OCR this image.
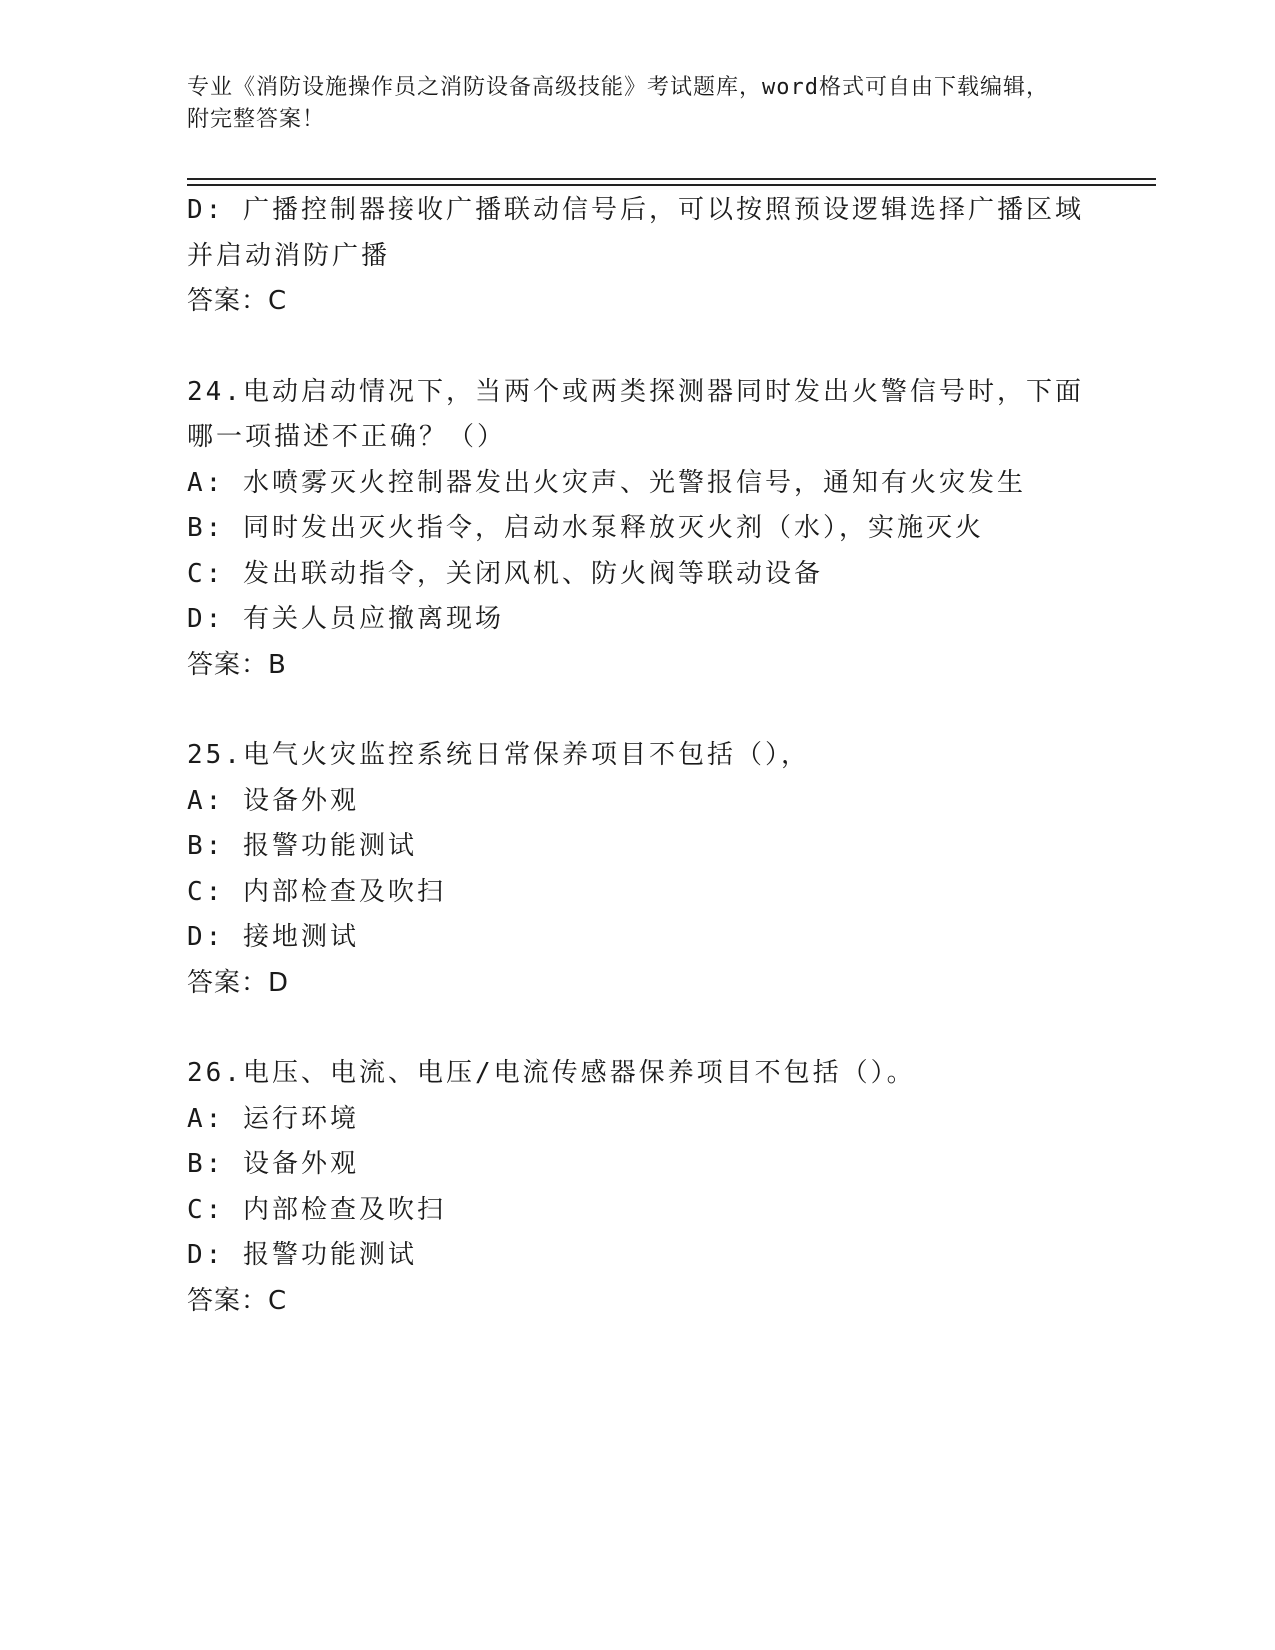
专业《消防设施操作员之消防设备高级技能》考试题库，word格式可自由下载编辑，附完整答案！
D: 广播控制器接收广播联动信号后，可以按照预设逻辑选择广播区域
并启动消防广播
答案：C
24.电动启动情况下，当两个或两类探测器同时发出火警信号时，下面
哪一项描述不正确？（）
A: 水喷雾灭火控制器发出火灾声、光警报信号，通知有火灾发生
B: 同时发出灭火指令，启动水泵释放灭火剂（水），实施灭火
C: 发出联动指令，关闭风机、防火阀等联动设备
D: 有关人员应撤离现场
答案：B
25.电气火灾监控系统日常保养项目不包括（），
A: 设备外观
B: 报警功能测试
C: 内部检查及吹扫
D: 接地测试
答案：D
26.电压、电流、电压/电流传感器保养项目不包括（）。
A: 运行环境
B: 设备外观
C: 内部检查及吹扫
D: 报警功能测试
答案：C
